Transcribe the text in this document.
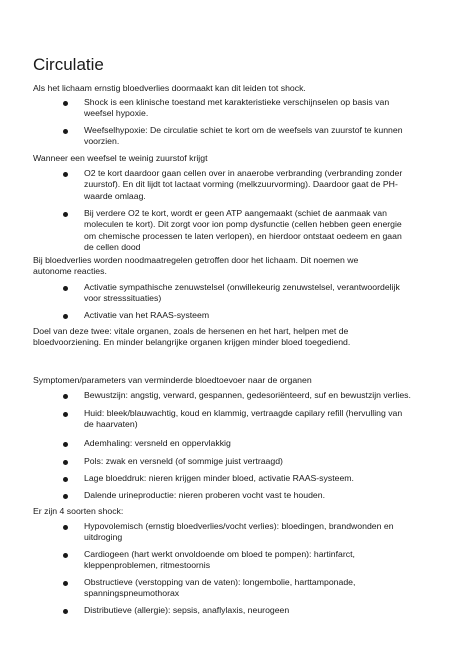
Circulatie
Als het lichaam ernstig bloedverlies doormaakt kan dit leiden tot shock.
Shock is een klinische toestand met karakteristieke verschijnselen op basis van
weefsel hypoxie.
Weefselhypoxie: De circulatie schiet te kort om de weefsels van zuurstof te kunnen
voorzien.
Wanneer een weefsel te weinig zuurstof krijgt
O2 te kort daardoor gaan cellen over in anaerobe verbranding (verbranding zonder
zuurstof). En dit lijdt tot lactaat vorming (melkzuurvorming). Daardoor gaat de PH-
waarde omlaag.
Bij verdere O2 te kort, wordt er geen ATP aangemaakt (schiet de aanmaak van
moleculen te kort). Dit zorgt voor ion pomp dysfunctie (cellen hebben geen energie
om chemische processen te laten verlopen), en hierdoor ontstaat oedeem en gaan
de cellen dood
Bij bloedverlies worden noodmaatregelen getroffen door het lichaam. Dit noemen we
autonome reacties.
Activatie sympathische zenuwstelsel (onwillekeurig zenuwstelsel, verantwoordelijk
voor stresssituaties)
Activatie van het RAAS-systeem
Doel van deze twee: vitale organen, zoals de hersenen en het hart, helpen met de
bloedvoorziening. En minder belangrijke organen krijgen minder bloed toegediend.
Symptomen/parameters van verminderde bloedtoevoer naar de organen
Bewustzijn: angstig, verward, gespannen, gedesoriënteerd, suf en bewustzijn verlies.
Huid: bleek/blauwachtig, koud en klammig, vertraagde capilary refill (hervulling van
de haarvaten)
Ademhaling: versneld en oppervlakkig
Pols: zwak en versneld (of sommige juist vertraagd)
Lage bloeddruk: nieren krijgen minder bloed, activatie RAAS-systeem.
Dalende urineproductie: nieren proberen vocht vast te houden.
Er zijn 4 soorten shock:
Hypovolemisch (ernstig bloedverlies/vocht verlies): bloedingen, brandwonden en
uitdroging
Cardiogeen (hart werkt onvoldoende om bloed te pompen): hartinfarct,
kleppenproblemen, ritmestoornis
Obstructieve (verstopping van de vaten): longembolie, harttamponade,
spanningspneumothorax
Distributieve (allergie): sepsis, anaflylaxis, neurogeen
